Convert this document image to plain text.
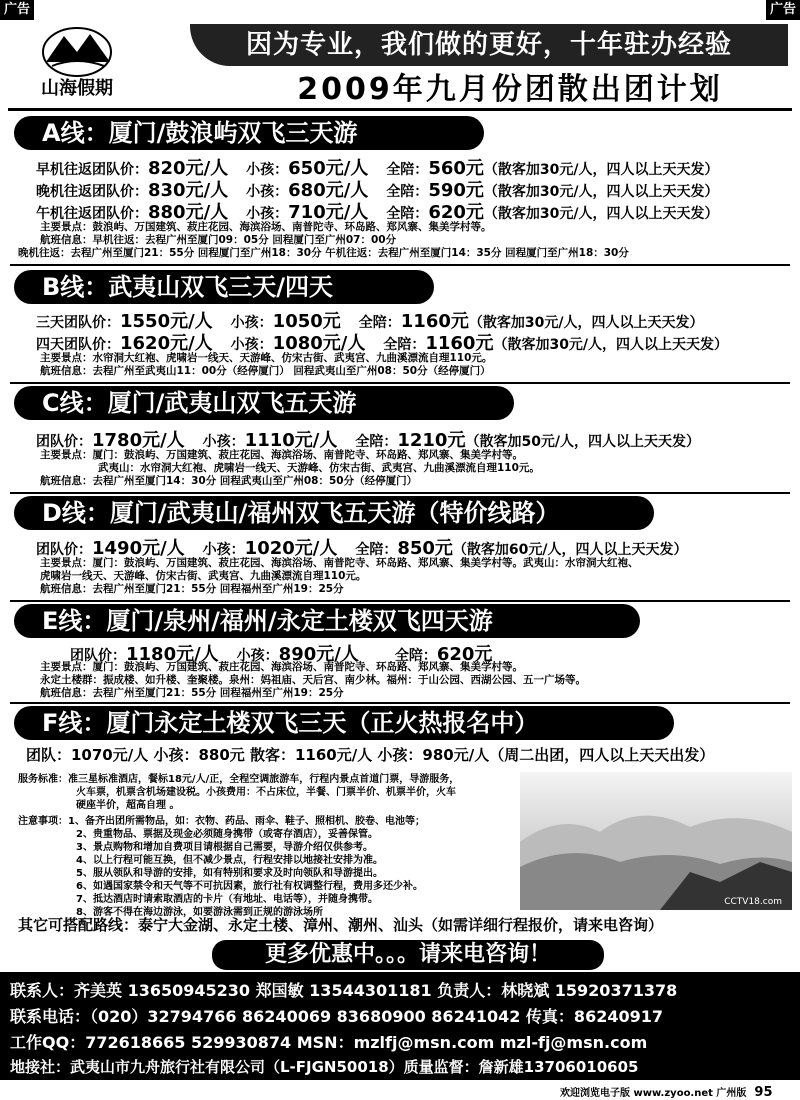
广告	广告
山海假期
因为专业，我们做的更好，十年驻办经验
2009年九月份团散出团计划
A线：厦门/鼓浪屿双飞三天游
早机往返团队价：820元/人 小孩：650元/人 全陪：560元（散客加30元/人，四人以上天天发）
晚机往返团队价：830元/人 小孩：680元/人 全陪：590元（散客加30元/人，四人以上天天发）
午机往返团队价：880元/人 小孩：710元/人 全陪：620元（散客加30元/人，四人以上天天发）
主要景点：鼓浪屿、万国建筑、菽庄花园、海滨浴场、南普陀寺、环岛路、郑风寨、集美学村等。
航班信息：早机往返：去程广州至厦门09：05分 回程厦门至广州07：00分
晚机往返：去程广州至厦门21：55分 回程厦门至广州18：30分 午机往返：去程广州至厦门14：35分 回程厦门至广州18：30分
B线：武夷山双飞三天/四天
三天团队价：1550元/人 小孩：1050元 全陪：1160元（散客加30元/人，四人以上天天发）
四天团队价：1620元/人 小孩：1080元/人 全陪：1160元（散客加30元/人，四人以上天天发）
主要景点：水帘洞大红袍、虎啸岩一线天、天游峰、仿宋古街、武夷宫、九曲溪漂流自理110元。
航班信息：去程广州至武夷山11：00分（经停厦门） 回程武夷山至广州08：50分（经停厦门）
C线：厦门/武夷山双飞五天游
团队价：1780元/人 小孩：1110元/人 全陪：1210元（散客加50元/人，四人以上天天发）
主要景点：厦门：鼓浪屿、万国建筑、菽庄花园、海滨浴场、南普陀寺、环岛路、郑风寨、集美学村等。
武夷山：水帘洞大红袍、虎啸岩一线天、天游峰、仿宋古街、武夷宫、九曲溪漂流自理110元。
航班信息：去程广州至厦门14：30分 回程武夷山至广州08：50分（经停厦门）
D线：厦门/武夷山/福州双飞五天游（特价线路）
团队价：1490元/人 小孩：1020元/人 全陪：850元（散客加60元/人，四人以上天天发）
主要景点：厦门：鼓浪屿、万国建筑、菽庄花园、海滨浴场、南普陀寺、环岛路、郑风寨、集美学村等。武夷山：水帘洞大红袍、
虎啸岩一线天、天游峰、仿宋古街、武夷宫、九曲溪漂流自理110元。
航班信息：去程广州至厦门21：55分 回程福州至广州19：25分
E线：厦门/泉州/福州/永定土楼双飞四天游
团队价：1180元/人 小孩：890元/人	全陪：620元
主要景点：厦门：鼓浪屿、万国建筑、菽庄花园、海滨浴场、南普陀寺、环岛路、郑风寨、集美学村等。
永定土楼群：振成楼、如升楼、奎聚楼。泉州：妈祖庙、天后宫、南少林。福州：于山公园、西湖公园、五一广场等。
航班信息：去程广州至厦门21：55分 回程福州至广州19：25分
F线：厦门永定土楼双飞三天（正火热报名中）
团队：1070元/人 小孩：880元 散客：1160元/人 小孩：980元/人（周二出团，四人以上天天出发）
服务标准：准三星标准酒店，餐标18元/人/正，全程空调旅游车，行程内景点首道门票，导游服务，
火车票，机票含机场建设税。小孩费用：不占床位，半餐、门票半价、机票半价，火车
硬座半价，超高自理 。
注意事项：1、备齐出团所需物品，如：衣物、药品、雨伞、鞋子、照相机、胶卷、电池等；
2、贵重物品、票据及现金必须随身携带（或寄存酒店），妥善保管。
3、景点购物和增加自费项目请根据自己需要，导游介绍仅供参考。
4、以上行程可能互换，但不减少景点，行程安排以地接社安排为准。
5、服从领队和导游的安排，如有特别和要求及时向领队和导游提出。
6、如遇国家禁令和天气等不可抗因素，旅行社有权调整行程，费用多还少补。
7、抵达酒店时请索取酒店的卡片（有地址、电话等），并随身携带。
8、游客不得在海边游泳，如要游泳需到正规的游泳场所
CCTV18.com
其它可搭配路线：泰宁大金湖、永定土楼、漳州、潮州、汕头（如需详细行程报价，请来电咨询）
更多优惠中。。。请来电咨询！
联系人：齐美英 13650945230 郑国敏 13544301181 负责人：林晓斌 15920371378
联系电话：（020）32794766 86240069 83680900 86241042 传真：86240917
工作QQ：772618665 529930874 MSN：mzlfj@msn.com mzl-fj@msn.com
地接社：武夷山市九舟旅行社有限公司（L-FJGN50018）质量监督：詹新雄13706010605
欢迎浏览电子版 www.zyoo.net 广州版 95
